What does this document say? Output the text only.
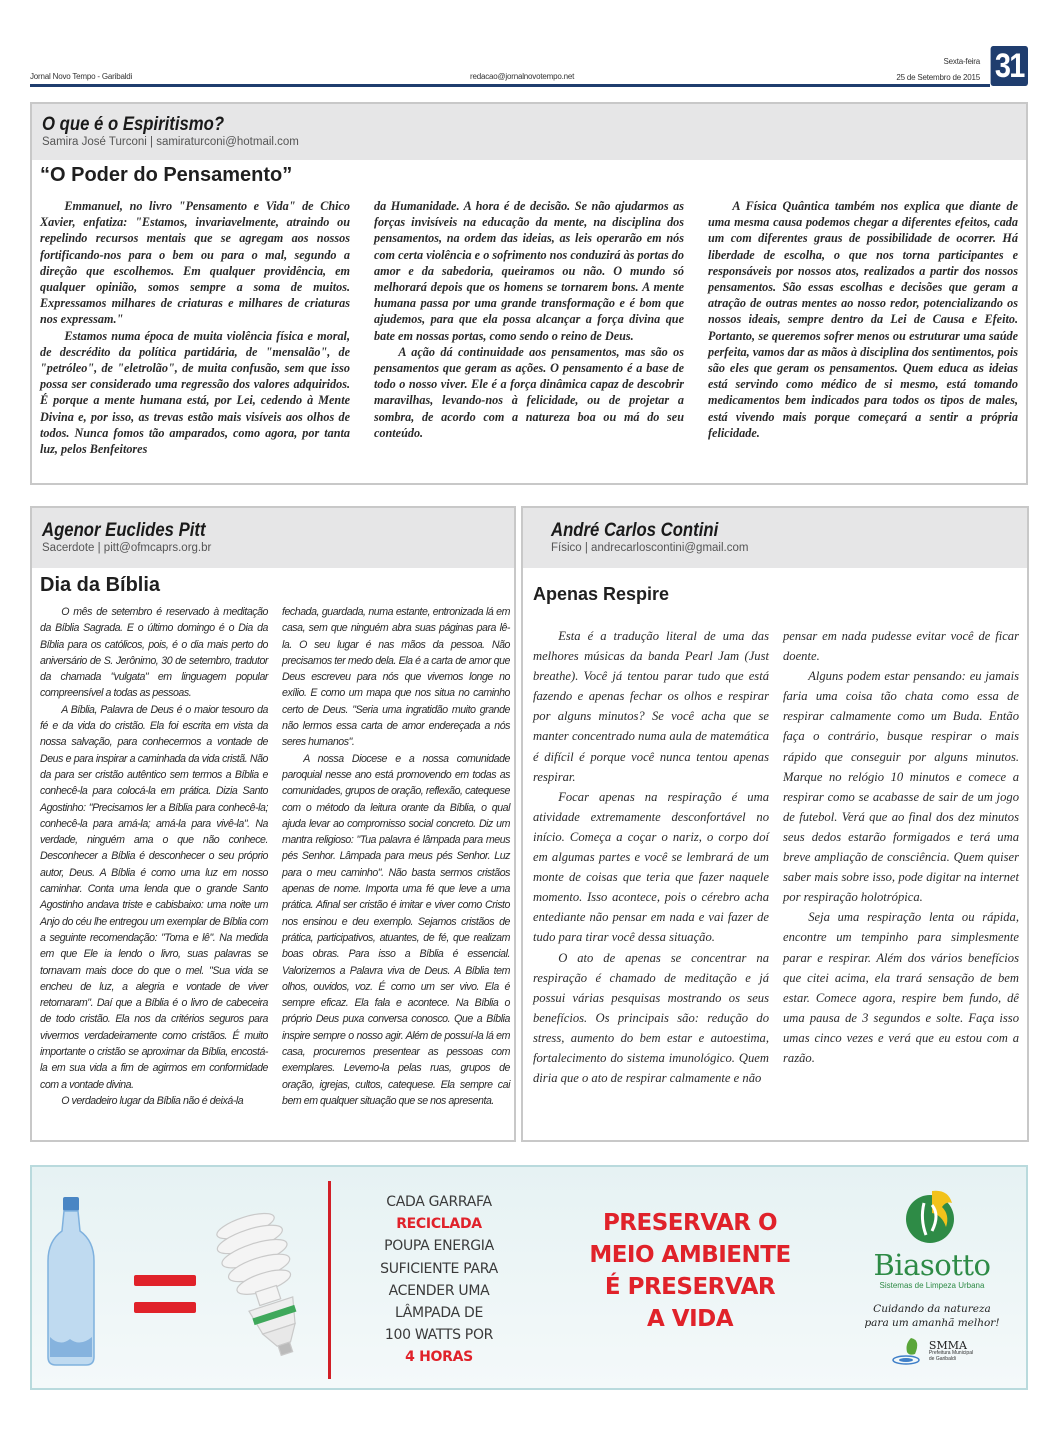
Jornal Novo Tempo - Garibaldi	redacao@jornalnovotempo.net
Sexta-feira
25 de Setembro de 2015 31
O que é o Espiritismo?
Samira José Turconi | samiraturconi@hotmail.com
“O Poder do Pensamento”

Emmanuel, no livro "Pensamento e Vida" de Chico Xavier, enfatiza: "Estamos, invariavelmente, atraindo ou repelindo recursos mentais que se agregam aos nossos fortificando-nos para o bem ou para o mal, segundo a direção que escolhemos. Em qualquer providência, em qualquer opinião, somos sempre a soma de muitos. Expressamos milhares de criaturas e milhares de criaturas nos expressam."

Estamos numa época de muita violência física e moral, de descrédito da política partidária, de "mensalão", de "petróleo", de "eletrolão", de muita confusão, sem que isso possa ser considerado uma regressão dos valores adquiridos. É porque a mente humana está, por Lei, cedendo à Mente Divina e, por isso, as trevas estão mais visíveis aos olhos de todos. Nunca fomos tão amparados, como agora, por tanta luz, pelos Benfeitores

da Humanidade. A hora é de decisão. Se não ajudarmos as forças invisíveis na educação da mente, na disciplina dos pensamentos, na ordem das ideias, as leis operarão em nós com certa violência e o sofrimento nos conduzirá às portas do amor e da sabedoria, queiramos ou não. O mundo só melhorará depois que os homens se tornarem bons. A mente humana passa por uma grande transformação e é bom que ajudemos, para que ela possa alcançar a força divina que bate em nossas portas, como sendo o reino de Deus.

A ação dá continuidade aos pensamentos, mas são os pensamentos que geram as ações. O pensamento é a base de todo o nosso viver. Ele é a força dinâmica capaz de descobrir maravilhas, levando-nos à felicidade, ou de projetar a sombra, de acordo com a natureza boa ou má do seu conteúdo.

A Física Quântica também nos explica que diante de uma mesma causa podemos chegar a diferentes efeitos, cada um com diferentes graus de possibilidade de ocorrer. Há liberdade de escolha, o que nos torna participantes e responsáveis por nossos atos, realizados a partir dos nossos pensamentos. São essas escolhas e decisões que geram a atração de outras mentes ao nosso redor, potencializando os nossos ideais, sempre dentro da Lei de Causa e Efeito. Portanto, se queremos sofrer menos ou estruturar uma saúde perfeita, vamos dar as mãos à disciplina dos sentimentos, pois são eles que geram os pensamentos. Quem educa as ideias está servindo como médico de si mesmo, está tomando medicamentos bem indicados para todos os tipos de males, está vivendo mais porque começará a sentir a própria felicidade.

Agenor Euclides Pitt
Sacerdote | pitt@ofmcaprs.org.br
Dia da Bíblia

O mês de setembro é reservado à meditação da Bíblia Sagrada. E o último domingo é o Dia da Bíblia para os católicos, pois, é o dia mais perto do aniversário de S. Jerônimo, 30 de setembro, tradutor da chamada "vulgata" em linguagem popular compreensível a todas as pessoas.

A Bíblia, Palavra de Deus é o maior tesouro da fé e da vida do cristão. Ela foi escrita em vista da nossa salvação, para conhecermos a vontade de Deus e para inspirar a caminhada da vida cristã. Não da para ser cristão autêntico sem termos a Bíblia e conhecê-la para colocá-la em prática. Dizia Santo Agostinho: "Precisamos ler a Bíblia para conhecê-la; conhecê-la para amá-la; amá-la para vivê-la". Na verdade, ninguém ama o que não conhece. Desconhecer a Bíblia é desconhecer o seu próprio autor, Deus. A Bíblia é como uma luz em nosso caminhar. Conta uma lenda que o grande Santo Agostinho andava triste e cabisbaixo: uma noite um Anjo do céu lhe entregou um exemplar de Bíblia com a seguinte recomendação: "Toma e lê". Na medida em que Ele ia lendo o livro, suas palavras se tornavam mais doce do que o mel. "Sua vida se encheu de luz, a alegria e vontade de viver retornaram". Daí que a Bíblia é o livro de cabeceira de todo cristão. Ela nos da critérios seguros para vivermos verdadeiramente como cristãos. É muito importante o cristão se aproximar da Bíblia, encostá-la em sua vida a fim de agirmos em conformidade com a vontade divina.

O verdadeiro lugar da Bíblia não é deixá-la

fechada, guardada, numa estante, entronizada lá em casa, sem que ninguém abra suas páginas para lê-la. O seu lugar é nas mãos da pessoa. Não precisamos ter medo dela. Ela é a carta de amor que Deus escreveu para nós que vivemos longe no exílio. E como um mapa que nos situa no caminho certo de Deus. "Seria uma ingratidão muito grande não lermos essa carta de amor endereçada a nós seres humanos".

A nossa Diocese e a nossa comunidade paroquial nesse ano está promovendo em todas as comunidades, grupos de oração, reflexão, catequese com o método da leitura orante da Bíblia, o qual ajuda levar ao compromisso social concreto. Diz um mantra religioso: "Tua palavra é lâmpada para meus pés Senhor. Lâmpada para meus pés Senhor. Luz para o meu caminho". Não basta sermos cristãos apenas de nome. Importa uma fé que leve a uma prática. Afinal ser cristão é imitar e viver como Cristo nos ensinou e deu exemplo. Sejamos cristãos de prática, participativos, atuantes, de fé, que realizam boas obras. Para isso a Bíblia é essencial. Valorizemos a Palavra viva de Deus. A Bíblia tem olhos, ouvidos, voz. É como um ser vivo. Ela é sempre eficaz. Ela fala e acontece. Na Bíblia o próprio Deus puxa conversa conosco. Que a Bíblia inspire sempre o nosso agir. Além de possuí-la lá em casa, procuremos presentear as pessoas com exemplares. Levemo-la pelas ruas, grupos de oração, igrejas, cultos, catequese. Ela sempre cai bem em qualquer situação que se nos apresenta.

André Carlos Contini
Físico | andrecarloscontini@gmail.com
Apenas Respire

Esta é a tradução literal de uma das melhores músicas da banda Pearl Jam (Just breathe). Você já tentou parar tudo que está fazendo e apenas fechar os olhos e respirar por alguns minutos? Se você acha que se manter concentrado numa aula de matemática é difícil é porque você nunca tentou apenas respirar.

Focar apenas na respiração é uma atividade extremamente desconfortável no início. Começa a coçar o nariz, o corpo doí em algumas partes e você se lembrará de um monte de coisas que teria que fazer naquele momento. Isso acontece, pois o cérebro acha entediante não pensar em nada e vai fazer de tudo para tirar você dessa situação.

O ato de apenas se concentrar na respiração é chamado de meditação e já possui várias pesquisas mostrando os seus benefícios. Os principais são: redução do stress, aumento do bem estar e autoestima, fortalecimento do sistema imunológico. Quem diria que o ato de respirar calmamente e não

pensar em nada pudesse evitar você de ficar doente.

Alguns podem estar pensando: eu jamais faria uma coisa tão chata como essa de respirar calmamente como um Buda. Então faça o contrário, busque respirar o mais rápido que conseguir por alguns minutos. Marque no relógio 10 minutos e comece a respirar como se acabasse de sair de um jogo de futebol. Verá que ao final dos dez minutos seus dedos estarão formigados e terá uma breve ampliação de consciência. Quem quiser saber mais sobre isso, pode digitar na internet por respiração holotrópica.

Seja uma respiração lenta ou rápida, encontre um tempinho para simplesmente parar e respirar. Além dos vários benefícios que citei acima, ela trará sensação de bem estar. Comece agora, respire bem fundo, dê uma pausa de 3 segundos e solte. Faça isso umas cinco vezes e verá que eu estou com a razão.

CADA GARRAFA
RECICLADA
POUPA ENERGIA
SUFICIENTE PARA
ACENDER UMA
LÂMPADA DE
100 WATTS POR
4 HORAS
PRESERVAR O
MEIO AMBIENTE
É PRESERVAR
A VIDA
Biasotto
Sistemas de Limpeza Urbana
Cuidando da natureza
para um amanhã melhor!
SMMA
Prefeitura Municipal
de Garibaldi
